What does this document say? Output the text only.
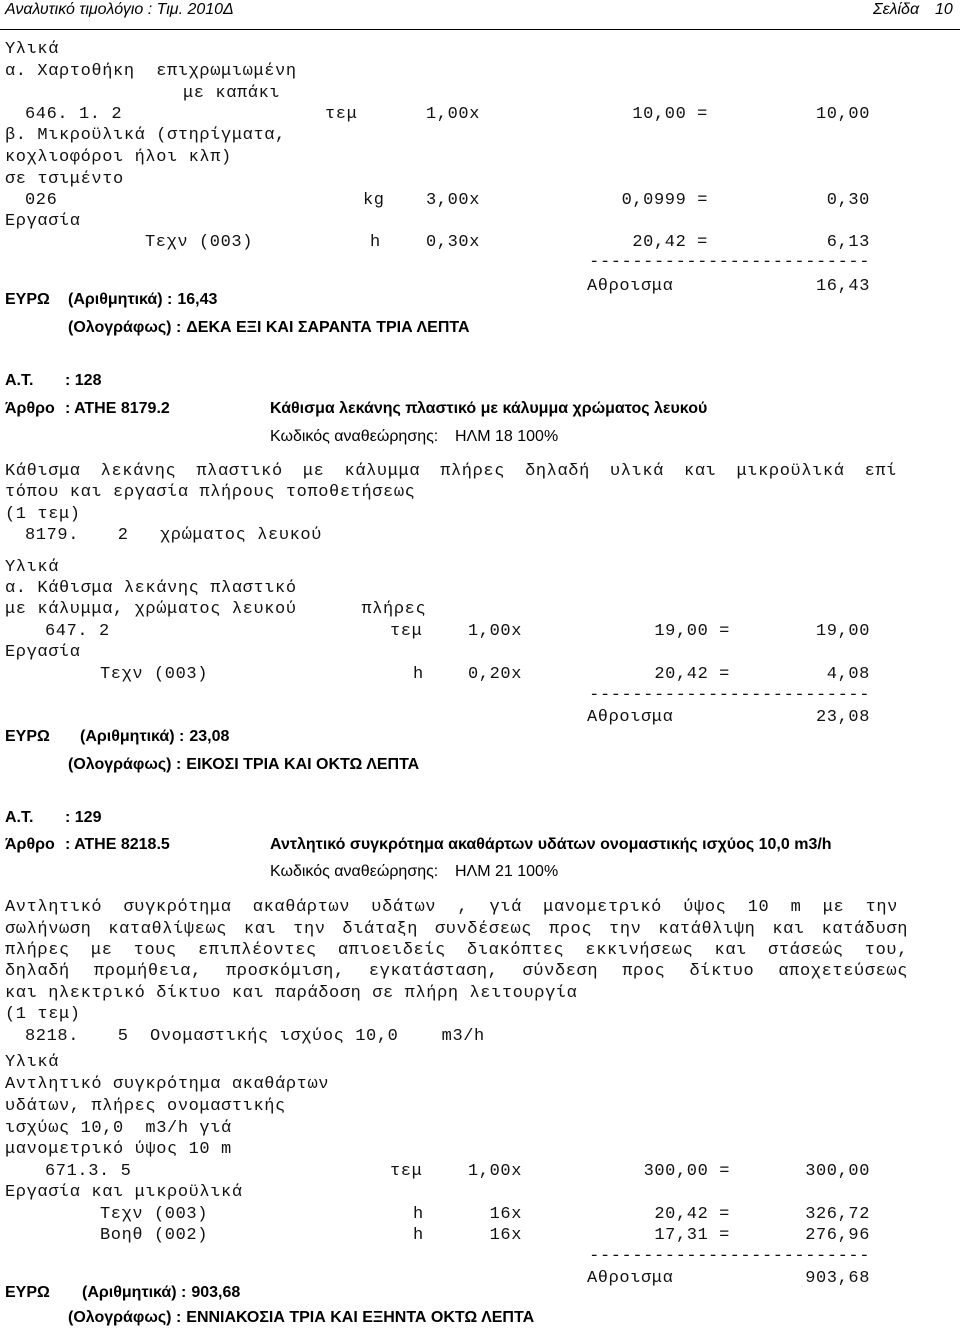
Αναλυτικό τιμολόγιο : Τιμ. 2010Δ	Σελίδα 10
Υλικά
α. Χαρτοθήκη  επιχρωμιωμένη
με καπάκι
646. 1. 2	τεμ	1,00x	10,00 =	10,00
β. Μικροϋλικά (στηρίγματα,
κοχλιοφόροι ήλοι κλπ)
σε τσιμέντο
026	kg 3,00x	0,0999 =	0,30
Εργασία
Τεχν (003)	h	0,30x	20,42 =	6,13
--------------------------
Αθροισμα	16,43
ΕΥΡΩ (Αριθμητικά) : 16,43
(Ολογράφως) : ΔΕΚΑ ΕΞΙ ΚΑΙ ΣΑΡΑΝΤΑ ΤΡΙΑ ΛΕΠΤΑ
Α.Τ. : 128
Άρθρο : ΑΤΗΕ 8179.2	Κάθισμα λεκάνης πλαστικό με κάλυμμα χρώματος λευκού
Κωδικός αναθεώρησης: ΗΛΜ 18 100%
Κάθισμα λεκάνης πλαστικό με κάλυμμα πλήρες δηλαδή υλικά και μικροϋλικά επί
τόπου και εργασία πλήρους τοποθετήσεως
(1 τεμ)
8179. 2 χρώματος λευκού
Υλικά
α. Κάθισμα λεκάνης πλαστικό
με κάλυμμα, χρώματος λευκού      πλήρες
647. 2	τεμ	1,00x	19,00 =	19,00
Εργασία
Τεχν (003)	h	0,20x	20,42 =	4,08
--------------------------
Αθροισμα	23,08
ΕΥΡΩ (Αριθμητικά) : 23,08
(Ολογράφως) : ΕΙΚΟΣΙ ΤΡΙΑ ΚΑΙ ΟΚΤΩ ΛΕΠΤΑ
Α.Τ. : 129
Άρθρο : ΑΤΗΕ 8218.5	Αντλητικό συγκρότημα ακαθάρτων υδάτων ονομαστικής ισχύος 10,0 m3/h
Κωδικός αναθεώρησης: ΗΛΜ 21 100%
Αντλητικό συγκρότημα ακαθάρτων υδάτων , γιά μανομετρικό ύψος 10 m με την
σωλήνωση καταθλίψεως και την διάταξη συνδέσεως προς την κατάθλιψη και κατάδυση
πλήρες με τους επιπλέοντες απιοειδείς διακόπτες εκκινήσεως και στάσεώς του,
δηλαδή προμήθεια, προσκόμιση, εγκατάσταση, σύνδεση προς δίκτυο αποχετεύσεως
και ηλεκτρικό δίκτυο και παράδοση σε πλήρη λειτουργία
(1 τεμ)
8218. 5 Ονομαστικής ισχύος 10,0    m3/h
Υλικά
Αντλητικό συγκρότημα ακαθάρτων
υδάτων, πλήρες ονομαστικής
ισχύως 10,0  m3/h γιά
μανομετρικό ύψος 10 m
671.3. 5	τεμ	1,00x	300,00 =	300,00
Εργασία και μικροϋλικά
Τεχν (003)	h	16x	20,42 =	326,72
Βοηθ (002)	h	16x	17,31 =	276,96
--------------------------
Αθροισμα	903,68
ΕΥΡΩ (Αριθμητικά) : 903,68
(Ολογράφως) : ΕΝΝΙΑΚΟΣΙΑ ΤΡΙΑ ΚΑΙ ΕΞΗΝΤΑ ΟΚΤΩ ΛΕΠΤΑ
